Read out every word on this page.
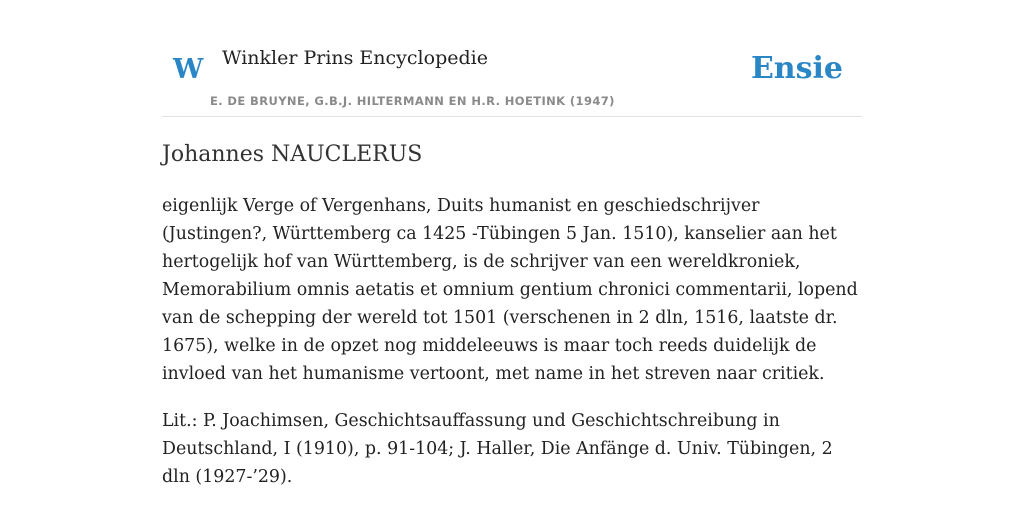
W Winkler Prins Encyclopedie
E. DE BRUYNE, G.B.J. HILTERMANN EN H.R. HOETINK (1947)
Ensie
Johannes NAUCLERUS

eigenlijk Verge of Vergenhans, Duits humanist en geschiedschrijver (Justingen?, Württemberg ca 1425 -Tübingen 5 Jan. 1510), kanselier aan het hertogelijk hof van Württemberg, is de schrijver van een wereldkroniek, Memorabilium omnis aetatis et omnium gentium chronici commentarii, lopend van de schepping der wereld tot 1501 (verschenen in 2 dln, 1516, laatste dr. 1675), welke in de opzet nog middeleeuws is maar toch reeds duidelijk de invloed van het humanisme vertoont, met name in het streven naar critiek.

Lit.: P. Joachimsen, Geschichtsauffassung und Geschichtschreibung in Deutschland, I (1910), p. 91-104; J. Haller, Die Anfänge d. Univ. Tübingen, 2 dln (1927-’29).
